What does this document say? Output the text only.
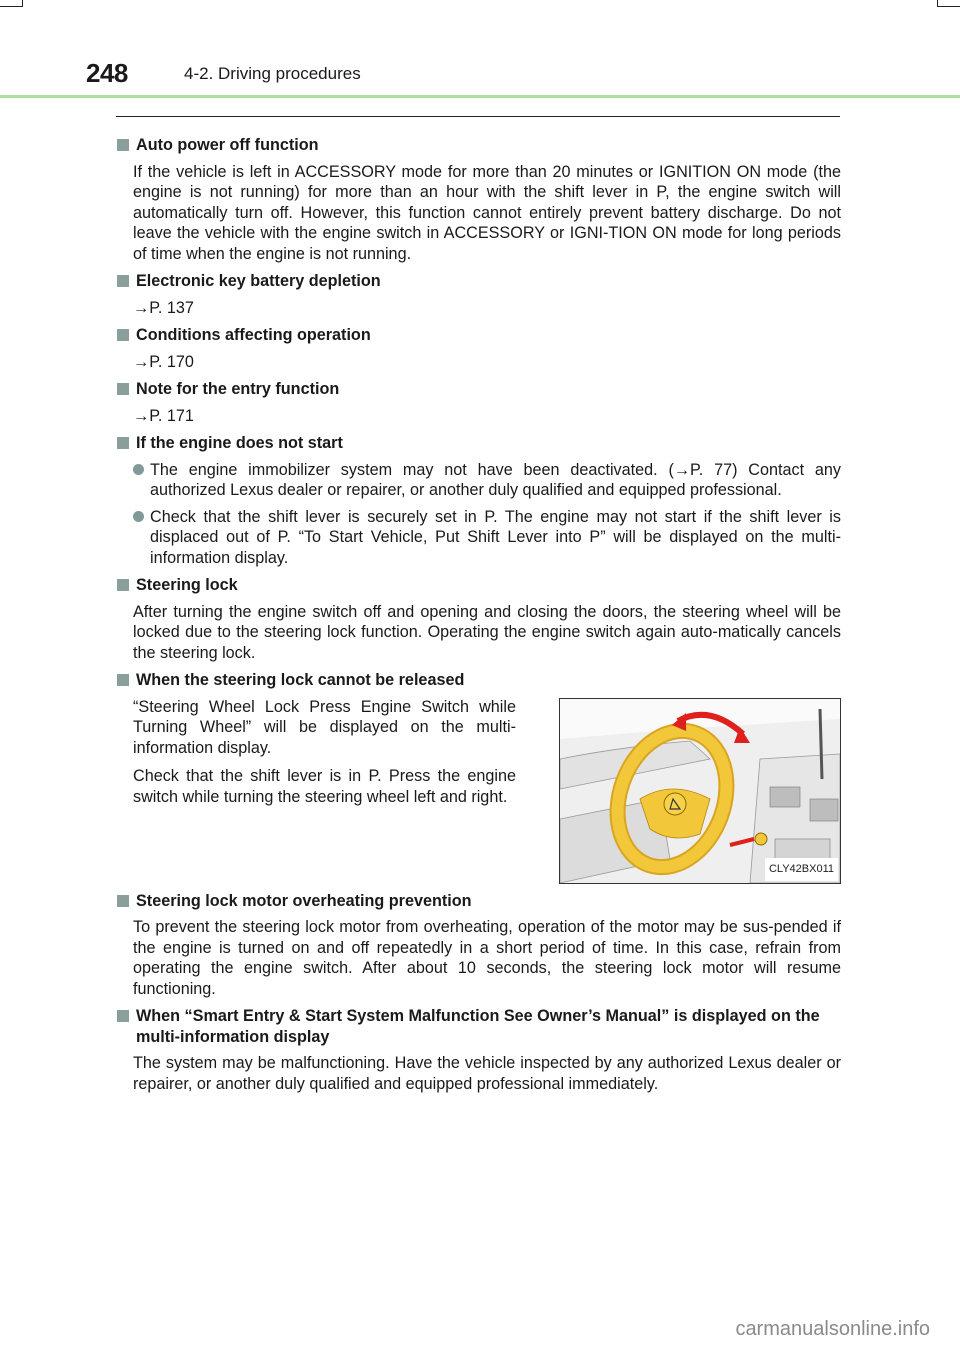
248	4-2. Driving procedures
Auto power off function
If the vehicle is left in ACCESSORY mode for more than 20 minutes or IGNITION ON mode (the engine is not running) for more than an hour with the shift lever in P, the engine switch will automatically turn off. However, this function cannot entirely prevent battery discharge. Do not leave the vehicle with the engine switch in ACCESSORY or IGNI-TION ON mode for long periods of time when the engine is not running.
Electronic key battery depletion
→P. 137
Conditions affecting operation
→P. 170
Note for the entry function
→P. 171
If the engine does not start
The engine immobilizer system may not have been deactivated. (→P. 77) Contact any authorized Lexus dealer or repairer, or another duly qualified and equipped professional.
Check that the shift lever is securely set in P. The engine may not start if the shift lever is displaced out of P. “To Start Vehicle, Put Shift Lever into P” will be displayed on the multi-information display.
Steering lock
After turning the engine switch off and opening and closing the doors, the steering wheel will be locked due to the steering lock function. Operating the engine switch again auto-matically cancels the steering lock.
When the steering lock cannot be released

“Steering Wheel Lock Press Engine Switch while Turning Wheel” will be displayed on the multi-information display.

Check that the shift lever is in P. Press the engine switch while turning the steering wheel left and right.

CLY42BX011
Steering lock motor overheating prevention
To prevent the steering lock motor from overheating, operation of the motor may be sus-pended if the engine is turned on and off repeatedly in a short period of time. In this case, refrain from operating the engine switch. After about 10 seconds, the steering lock motor will resume functioning.
When “Smart Entry & Start System Malfunction See Owner’s Manual” is displayed on the multi-information display
The system may be malfunctioning. Have the vehicle inspected by any authorized Lexus dealer or repairer, or another duly qualified and equipped professional immediately.
carmanualsonline.info
